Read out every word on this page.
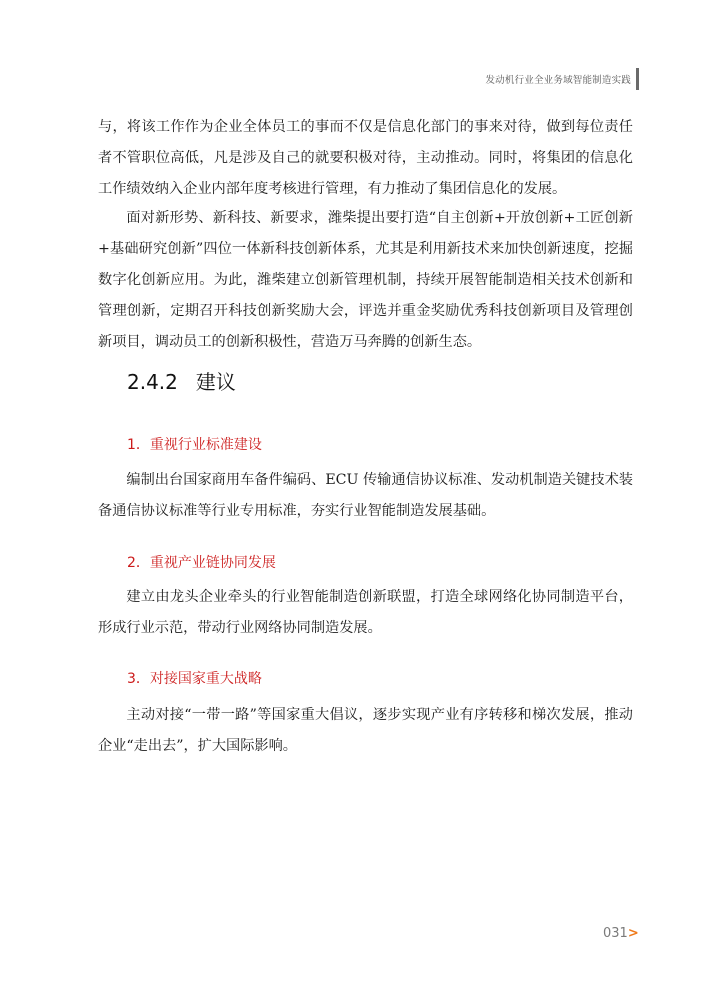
发动机行业全业务域智能制造实践

与，将该工作作为企业全体员工的事而不仅是信息化部门的事来对待，做到每位责任者不管职位高低，凡是涉及自己的就要积极对待，主动推动。同时，将集团的信息化工作绩效纳入企业内部年度考核进行管理，有力推动了集团信息化的发展。

面对新形势、新科技、新要求，潍柴提出要打造“自主创新+开放创新+工匠创新+基础研究创新”四位一体新科技创新体系，尤其是利用新技术来加快创新速度，挖掘数字化创新应用。为此，潍柴建立创新管理机制，持续开展智能制造相关技术创新和管理创新，定期召开科技创新奖励大会，评选并重金奖励优秀科技创新项目及管理创新项目，调动员工的创新积极性，营造万马奔腾的创新生态。

2.4.2 建议
1．重视行业标准建设

编制出台国家商用车备件编码、ECU 传输通信协议标准、发动机制造关键技术装备通信协议标准等行业专用标准，夯实行业智能制造发展基础。

2．重视产业链协同发展

建立由龙头企业牵头的行业智能制造创新联盟，打造全球网络化协同制造平台，形成行业示范，带动行业网络协同制造发展。

3．对接国家重大战略

主动对接“一带一路”等国家重大倡议，逐步实现产业有序转移和梯次发展，推动企业“走出去”，扩大国际影响。

031>
